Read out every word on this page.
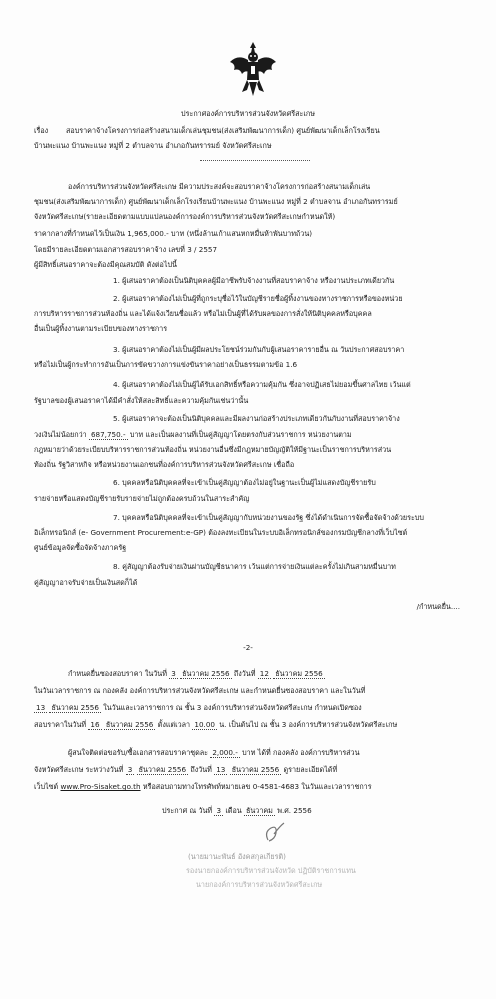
ประกาศองค์การบริหารส่วนจังหวัดศรีสะเกษ
เรื่อง สอบราคาจ้างโครงการก่อสร้างสนามเด็กเล่นชุมชน(ส่งเสริมพัฒนาการเด็ก) ศูนย์พัฒนาเด็กเล็กโรงเรียน
บ้านพะแนง บ้านพะแนง หมู่ที่ 2 ตำบลจาน อำเภอกันทรารมย์ จังหวัดศรีสะเกษ
องค์การบริหารส่วนจังหวัดศรีสะเกษ มีความประสงค์จะสอบราคาจ้างโครงการก่อสร้างสนามเด็กเล่น
ชุมชน(ส่งเสริมพัฒนาการเด็ก) ศูนย์พัฒนาเด็กเล็กโรงเรียนบ้านพะแนง บ้านพะแนง หมู่ที่ 2 ตำบลจาน อำเภอกันทรารมย์
จังหวัดศรีสะเกษ(รายละเอียดตามแบบแปลนองค์การองค์การบริหารส่วนจังหวัดศรีสะเกษกำหนดให้)
ราคากลางที่กำหนดไว้เป็นเงิน 1,965,000.- บาท (หนึ่งล้านเก้าแสนหกหมื่นห้าพันบาทถ้วน)
โดยมีรายละเอียดตามเอกสารสอบราคาจ้าง เลขที่ 3 / 2557
ผู้มีสิทธิ์เสนอราคาจะต้องมีคุณสมบัติ ดังต่อไปนี้
1. ผู้เสนอราคาต้องเป็นนิติบุคคลผู้มีอาชีพรับจ้างงานที่สอบราคาจ้าง หรืองานประเภทเดียวกัน
2. ผู้เสนอราคาต้องไม่เป็นผู้ที่ถูกระบุชื่อไว้ในบัญชีรายชื่อผู้ทิ้งงานของทางราชการหรือของหน่วย
การบริหารราชการส่วนท้องถิ่น และได้แจ้งเวียนชื่อแล้ว หรือไม่เป็นผู้ที่ได้รับผลของการสั่งให้นิติบุคคลหรือบุคคล
อื่นเป็นผู้ทิ้งงานตามระเบียบของทางราชการ
3. ผู้เสนอราคาต้องไม่เป็นผู้มีผลประโยชน์ร่วมกันกับผู้เสนอราคารายอื่น ณ วันประกาศสอบราคา
หรือไม่เป็นผู้กระทำการอันเป็นการขัดขวางการแข่งขันราคาอย่างเป็นธรรมตามข้อ 1.6
4. ผู้เสนอราคาต้องไม่เป็นผู้ได้รับเอกสิทธิ์หรือความคุ้มกัน ซึ่งอาจปฏิเสธไม่ยอมขึ้นศาลไทย เว้นแต่
รัฐบาลของผู้เสนอราคาได้มีคำสั่งให้สละสิทธิ์และความคุ้มกันเช่นว่านั้น
5. ผู้เสนอราคาจะต้องเป็นนิติบุคคลและมีผลงานก่อสร้างประเภทเดียวกันกับงานที่สอบราคาจ้าง
วงเงินไม่น้อยกว่า 687,750.- บาท และเป็นผลงานที่เป็นคู่สัญญาโดยตรงกับส่วนราชการ หน่วยงานตาม
กฎหมายว่าด้วยระเบียบบริหารราชการส่วนท้องถิ่น หน่วยงานอื่นซึ่งมีกฎหมายบัญญัติให้มีฐานะเป็นราชการบริหารส่วน
ท้องถิ่น รัฐวิสาหกิจ หรือหน่วยงานเอกชนที่องค์การบริหารส่วนจังหวัดศรีสะเกษ เชื่อถือ
6. บุคคลหรือนิติบุคคลที่จะเข้าเป็นคู่สัญญาต้องไม่อยู่ในฐานะเป็นผู้ไม่แสดงบัญชีรายรับ
รายจ่ายหรือแสดงบัญชีรายรับรายจ่ายไม่ถูกต้องครบถ้วนในสาระสำคัญ
7. บุคคลหรือนิติบุคคลที่จะเข้าเป็นคู่สัญญากับหน่วยงานของรัฐ ซึ่งได้ดำเนินการจัดซื้อจัดจ้างด้วยระบบ
อิเล็กทรอนิกส์ (e- Government Procurement:e-GP) ต้องลงทะเบียนในระบบอิเล็กทรอนิกส์ของกรมบัญชีกลางที่เว็บไซต์
ศูนย์ข้อมูลจัดซื้อจัดจ้างภาครัฐ
8. คู่สัญญาต้องรับจ่ายเงินผ่านบัญชีธนาคาร เว้นแต่การจ่ายเงินแต่ละครั้งไม่เกินสามหมื่นบาท
คู่สัญญาอาจรับจ่ายเป็นเงินสดก็ได้
/กำหนดยื่น....
-2-
กำหนดยื่นซองสอบราคา ในวันที่ 3 ธันวาคม 2556 ถึงวันที่ 12 ธันวาคม 2556
ในวันเวลาราชการ ณ กองคลัง องค์การบริหารส่วนจังหวัดศรีสะเกษ และกำหนดยื่นซองสอบราคา และในวันที่
13 ธันวาคม 2556 ในวันและเวลาราชการ ณ ชั้น 3 องค์การบริหารส่วนจังหวัดศรีสะเกษ กำหนดเปิดซอง
สอบราคาในวันที่ 16 ธันวาคม 2556 ตั้งแต่เวลา 10.00 น. เป็นต้นไป ณ ชั้น 3 องค์การบริหารส่วนจังหวัดศรีสะเกษ
ผู้สนใจติดต่อขอรับ/ซื้อเอกสารสอบราคาชุดละ 2,000.- บาท ได้ที่ กองคลัง องค์การบริหารส่วน
จังหวัดศรีสะเกษ ระหว่างวันที่ 3 ธันวาคม 2556 ถึงวันที่ 13 ธันวาคม 2556 ดูรายละเอียดได้ที่
เว็บไซต์ www.Pro-Sisaket.go.th หรือสอบถามทางโทรศัพท์หมายเลข 0-4581-4683 ในวันและเวลาราชการ
ประกาศ ณ วันที่ 3 เดือน ธันวาคม พ.ศ. 2556
(นายมานะพันธ์ อังคสกุลเกียรติ)
รองนายกองค์การบริหารส่วนจังหวัด ปฏิบัติราชการแทน
นายกองค์การบริหารส่วนจังหวัดศรีสะเกษ
